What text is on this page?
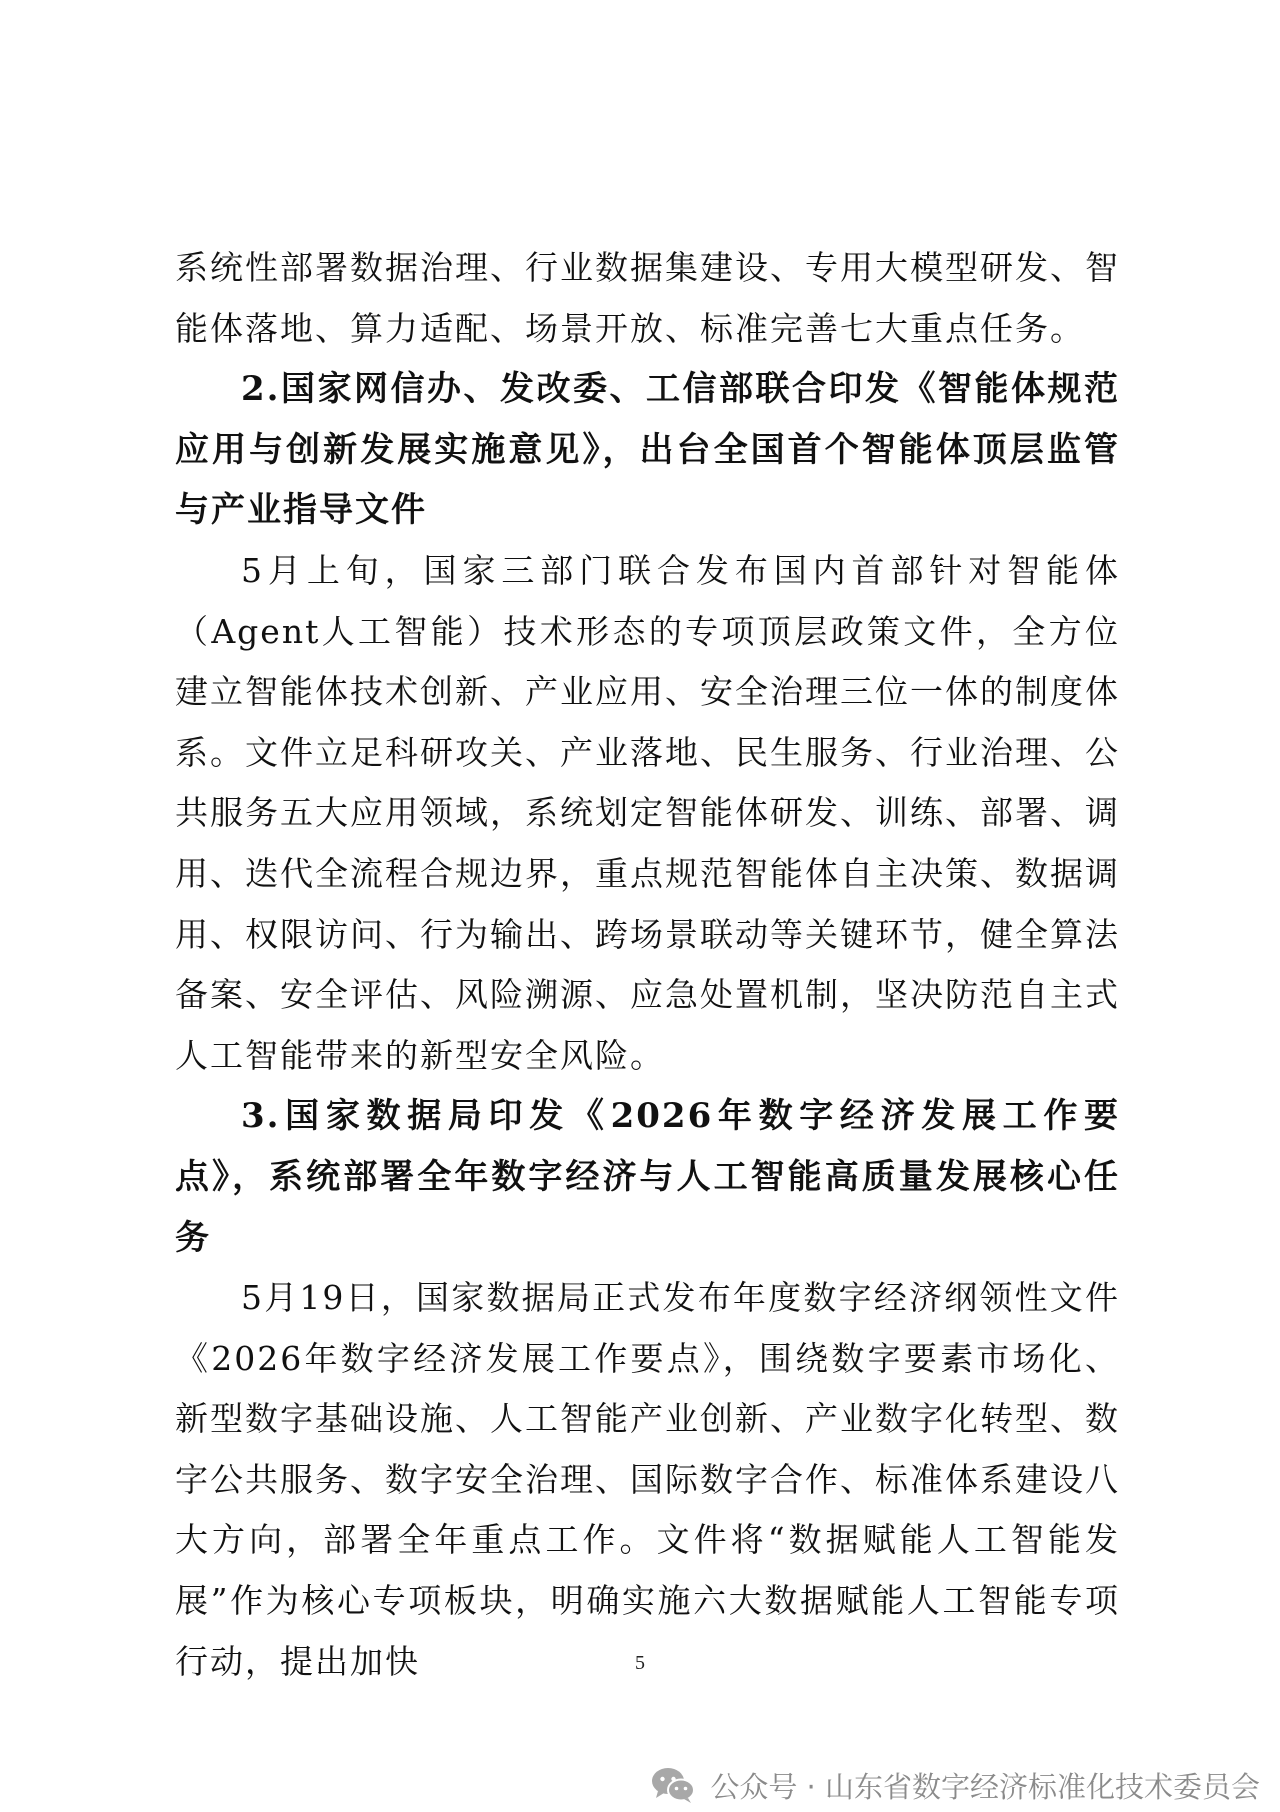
系统性部署数据治理、行业数据集建设、专用大模型研发、智能体落地、算力适配、场景开放、标准完善七大重点任务。

2.国家网信办、发改委、工信部联合印发《智能体规范应用与创新发展实施意见》，出台全国首个智能体顶层监管与产业指导文件

5月上旬，国家三部门联合发布国内首部针对智能体（Agent人工智能）技术形态的专项顶层政策文件，全方位建立智能体技术创新、产业应用、安全治理三位一体的制度体系。文件立足科研攻关、产业落地、民生服务、行业治理、公共服务五大应用领域，系统划定智能体研发、训练、部署、调用、迭代全流程合规边界，重点规范智能体自主决策、数据调用、权限访问、行为输出、跨场景联动等关键环节，健全算法备案、安全评估、风险溯源、应急处置机制，坚决防范自主式人工智能带来的新型安全风险。

3.国家数据局印发《2026年数字经济发展工作要点》，系统部署全年数字经济与人工智能高质量发展核心任务

5月19日，国家数据局正式发布年度数字经济纲领性文件《2026年数字经济发展工作要点》，围绕数字要素市场化、新型数字基础设施、人工智能产业创新、产业数字化转型、数字公共服务、数字安全治理、国际数字合作、标准体系建设八大方向，部署全年重点工作。文件将“数据赋能人工智能发展”作为核心专项板块，明确实施六大数据赋能人工智能专项行动，提出加快	5
公众号 · 山东省数字经济标准化技术委员会
